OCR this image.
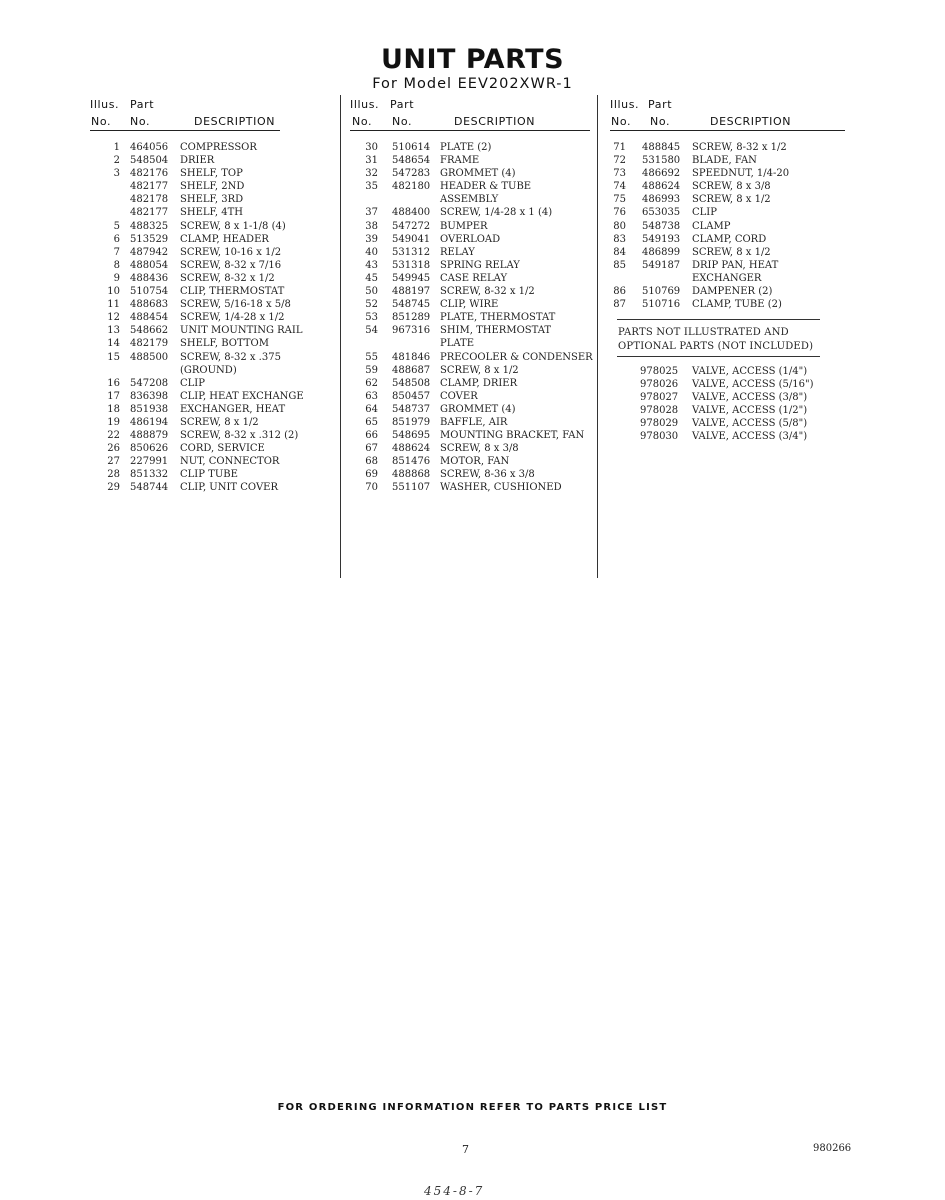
UNIT PARTS
For Model EEV202XWR-1
Illus. Part
No. No.	DESCRIPTION
1 464056 COMPRESSOR
2 548504 DRIER
3 482176 SHELF, TOP
482177 SHELF, 2ND
482178 SHELF, 3RD
482177 SHELF, 4TH
5 488325 SCREW, 8 x 1-1/8 (4)
6 513529 CLAMP, HEADER
7 487942 SCREW, 10-16 x 1/2
8 488054 SCREW, 8-32 x 7/16
9 488436 SCREW, 8-32 x 1/2
10 510754 CLIP, THERMOSTAT
11 488683 SCREW, 5/16-18 x 5/8
12 488454 SCREW, 1/4-28 x 1/2
13 548662 UNIT MOUNTING RAIL
14 482179 SHELF, BOTTOM
15 488500 SCREW, 8-32 x .375
(GROUND)
16 547208 CLIP
17 836398 CLIP, HEAT EXCHANGE
18 851938 EXCHANGER, HEAT
19 486194 SCREW, 8 x 1/2
22 488879 SCREW, 8-32 x .312 (2)
26 850626 CORD, SERVICE
27 227991 NUT, CONNECTOR
28 851332 CLIP TUBE
29 548744 CLIP, UNIT COVER
Illus. Part
No. No.	DESCRIPTION
30 510614 PLATE (2)
31 548654 FRAME
32 547283 GROMMET (4)
35 482180 HEADER & TUBE
ASSEMBLY
37 488400 SCREW, 1/4-28 x 1 (4)
38 547272 BUMPER
39 549041 OVERLOAD
40 531312 RELAY
43 531318 SPRING RELAY
45 549945 CASE RELAY
50 488197 SCREW, 8-32 x 1/2
52 548745 CLIP, WIRE
53 851289 PLATE, THERMOSTAT
54 967316 SHIM, THERMOSTAT
PLATE
55 481846 PRECOOLER & CONDENSER
59 488687 SCREW, 8 x 1/2
62 548508 CLAMP, DRIER
63 850457 COVER
64 548737 GROMMET (4)
65 851979 BAFFLE, AIR
66 548695 MOUNTING BRACKET, FAN
67 488624 SCREW, 8 x 3/8
68 851476 MOTOR, FAN
69 488868 SCREW, 8-36 x 3/8
70 551107 WASHER, CUSHIONED
Illus. Part
No. No.	DESCRIPTION
71 488845 SCREW, 8-32 x 1/2
72 531580 BLADE, FAN
73 486692 SPEEDNUT, 1/4-20
74 488624 SCREW, 8 x 3/8
75 486993 SCREW, 8 x 1/2
76 653035 CLIP
80 548738 CLAMP
83 549193 CLAMP, CORD
84 486899 SCREW, 8 x 1/2
85 549187 DRIP PAN, HEAT
EXCHANGER
86 510769 DAMPENER (2)
87 510716 CLAMP, TUBE (2)
PARTS NOT ILLUSTRATED AND
OPTIONAL PARTS (NOT INCLUDED)
978025 VALVE, ACCESS (1/4")
978026 VALVE, ACCESS (5/16")
978027 VALVE, ACCESS (3/8")
978028 VALVE, ACCESS (1/2")
978029 VALVE, ACCESS (5/8")
978030 VALVE, ACCESS (3/4")
FOR ORDERING INFORMATION REFER TO PARTS PRICE LIST
7	980266
454-8-7
